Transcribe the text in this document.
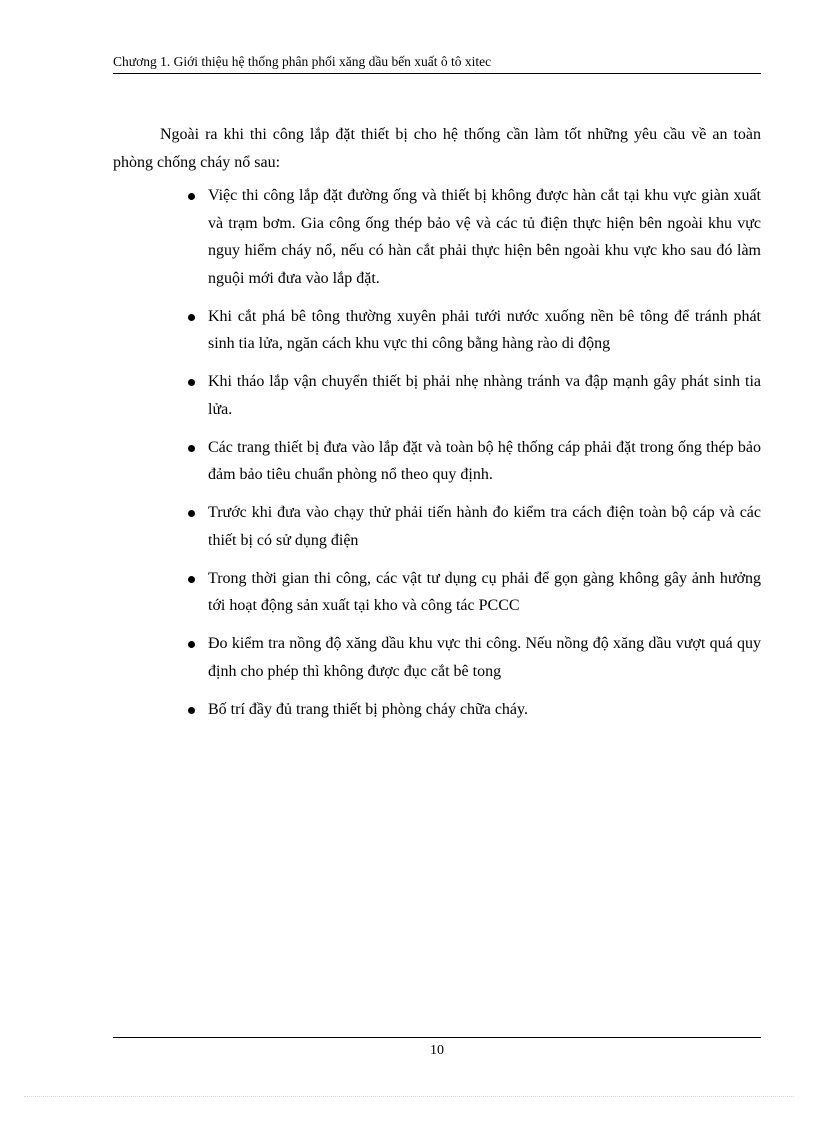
Chương 1. Giới thiệu hệ thống phân phối xăng dầu bến xuất ô tô xitec

Ngoài ra khi thi công lắp đặt thiết bị cho hệ thống cần làm tốt những yêu cầu về an toàn phòng chống cháy nổ sau:

Việc thi công lắp đặt đường ống và thiết bị không được hàn cắt tại khu vực giàn xuất và trạm bơm. Gia công ống thép bảo vệ và các tủ điện thực hiện bên ngoài khu vực nguy hiểm cháy nổ, nếu có hàn cắt phải thực hiện bên ngoài khu vực kho sau đó làm nguội mới đưa vào lắp đặt.
Khi cắt phá bê tông thường xuyên phải tưới nước xuống nền bê tông để tránh phát sinh tia lửa, ngăn cách khu vực thi công bằng hàng rào di động
Khi tháo lắp vận chuyển thiết bị phải nhẹ nhàng tránh va đập mạnh gây phát sinh tia lửa.
Các trang thiết bị đưa vào lắp đặt và toàn bộ hệ thống cáp phải đặt trong ống thép bảo đảm bảo tiêu chuẩn phòng nổ theo quy định.
Trước khi đưa vào chạy thử phải tiến hành đo kiểm tra cách điện toàn bộ cáp và các thiết bị có sử dụng điện
Trong thời gian thi công, các vật tư dụng cụ phải để gọn gàng không gây ảnh hưởng tới hoạt động sản xuất tại kho và công tác PCCC
Đo kiểm tra nồng độ xăng dầu khu vực thi công. Nếu nồng độ xăng dầu vượt quá quy định cho phép thì không được đục cắt bê tong
Bố trí đầy đủ trang thiết bị phòng cháy chữa cháy.
10
